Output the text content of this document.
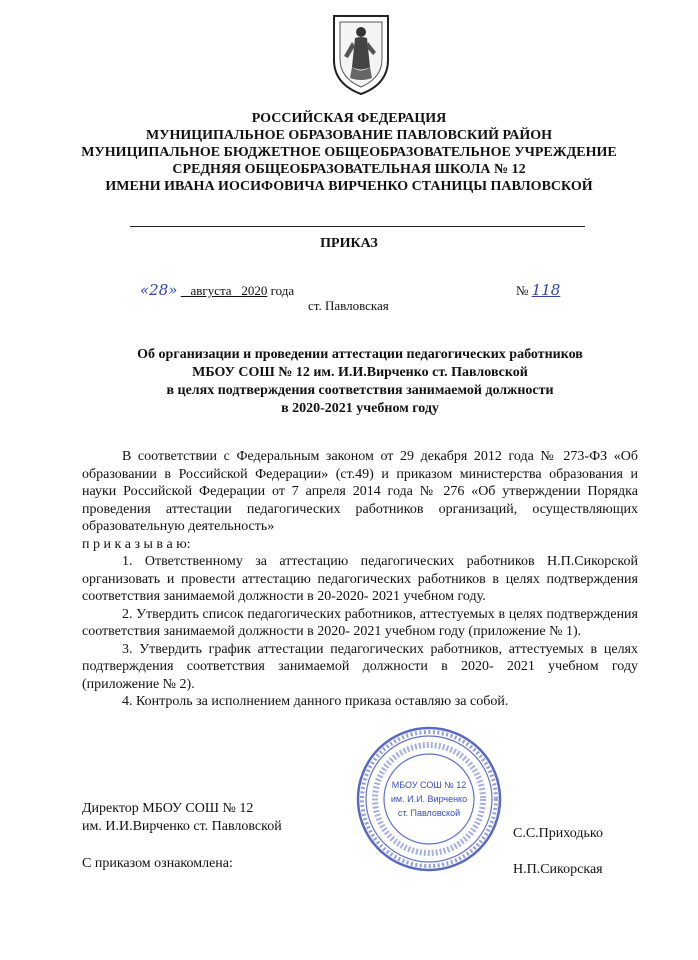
РОССИЙСКАЯ ФЕДЕРАЦИЯ
МУНИЦИПАЛЬНОЕ ОБРАЗОВАНИЕ ПАВЛОВСКИЙ РАЙОН
МУНИЦИПАЛЬНОЕ БЮДЖЕТНОЕ ОБЩЕОБРАЗОВАТЕЛЬНОЕ УЧРЕЖДЕНИЕ
СРЕДНЯЯ ОБЩЕОБРАЗОВАТЕЛЬНАЯ ШКОЛА № 12
ИМЕНИ ИВАНА ИОСИФОВИЧА ВИРЧЕНКО СТАНИЦЫ ПАВЛОВСКОЙ
ПРИКАЗ
«28» августа 2020 года	№ 118
ст. Павловская
Об организации и проведении аттестации педагогических работников
МБОУ СОШ № 12 им. И.И.Вирченко ст. Павловской
в целях подтверждения соответствия занимаемой должности
в 2020-2021 учебном году

В соответствии с Федеральным законом от 29 декабря 2012 года № 273-ФЗ «Об образовании в Российской Федерации» (ст.49) и приказом министерства образования и науки Российской Федерации от 7 апреля 2014 года № 276 «Об утверждении Порядка проведения аттестации педагогических работников организаций, осуществляющих образовательную деятельность»

п р и к а з ы в а ю:

1. Ответственному за аттестацию педагогических работников Н.П.Сикорской организовать и провести аттестацию педагогических работников в целях подтверждения соответствия занимаемой должности в 20-2020- 2021 учебном году.

2. Утвердить список педагогических работников, аттестуемых в целях подтверждения соответствия занимаемой должности в 2020- 2021 учебном году (приложение № 1).

3. Утвердить график аттестации педагогических работников, аттестуемых в целях подтверждения соответствия занимаемой должности в 2020- 2021 учебном году (приложение № 2).

4. Контроль за исполнением данного приказа оставляю за собой.

МБОУ СОШ № 12
им. И.И. Вирченко
ст. Павловской
Директор МБОУ СОШ № 12
им. И.И.Вирченко ст. Павловской	С.С.Приходько
С приказом ознакомлена:	Н.П.Сикорская
